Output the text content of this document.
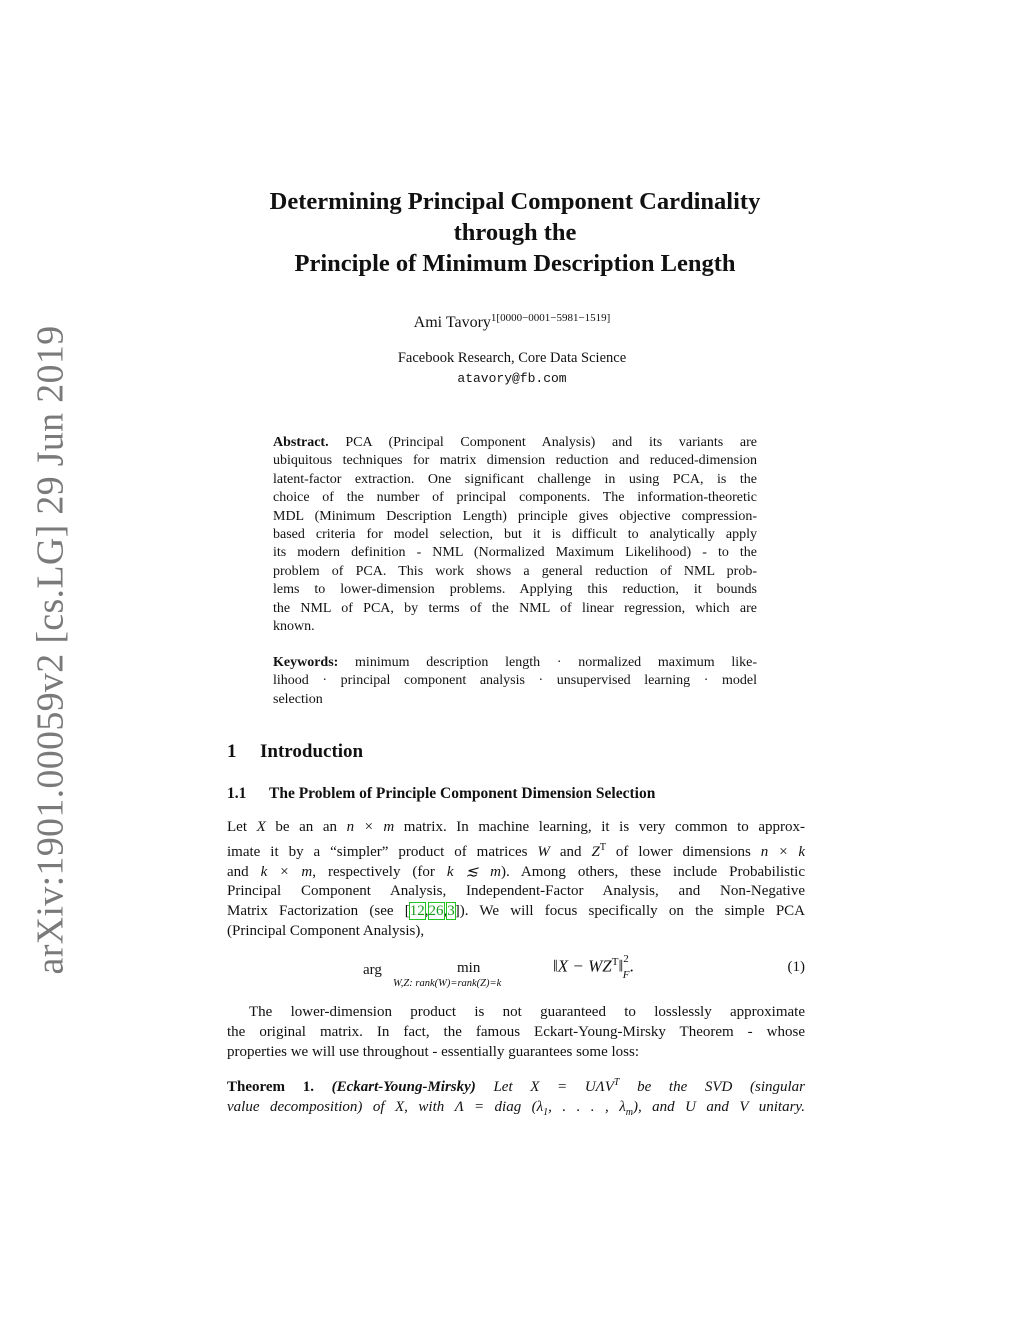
arXiv:1901.00059v2 [cs.LG] 29 Jun 2019
Determining Principal Component Cardinality
through the
Principle of Minimum Description Length
Ami Tavory$^{1[0000-0001-5981-1519]}$
Facebook Research, Core Data Science
atavory@fb.com
Abstract. PCA (Principal Component Analysis) and its variants are
ubiquitous techniques for matrix dimension reduction and reduced-dimension
latent-factor extraction. One significant challenge in using PCA, is the
choice of the number of principal components. The information-theoretic
MDL (Minimum Description Length) principle gives objective compression-
based criteria for model selection, but it is difficult to analytically apply
its modern definition - NML (Normalized Maximum Likelihood) - to the
problem of PCA. This work shows a general reduction of NML prob-
lems to lower-dimension problems. Applying this reduction, it bounds
the NML of PCA, by terms of the NML of linear regression, which are
known.
Keywords: minimum description length · normalized maximum like-
lihood · principal component analysis · unsupervised learning · model
selection
1 Introduction
1.1 The Problem of Principle Component Dimension Selection
Let X be an an n × m matrix. In machine learning, it is very common to approx-
imate it by a “simpler” product of matrices W and $Z^T$ of lower dimensions n × k
and k × m, respectively (for k ≲ m). Among others, these include Probabilistic
Principal Component Analysis, Independent-Factor Analysis, and Non-Negative
Matrix Factorization (see [12,26,3]). We will focus specifically on the simple PCA
(Principal Component Analysis),
arg	min
W,Z: rank(W)=rank(Z)=k
‖X − $WZ^T‖^2_F$.	(1)
The lower-dimension product is not guaranteed to losslessly approximate
the original matrix. In fact, the famous Eckart-Young-Mirsky Theorem - whose
properties we will use throughout - essentially guarantees some loss:
Theorem 1. (Eckart-Young-Mirsky) Let $X = U\Lambda V^T$ be the SVD (singular
value decomposition) of X, with Λ = diag ($\lambda_1$, . . . , $\lambda_m$), and U and V unitary.
